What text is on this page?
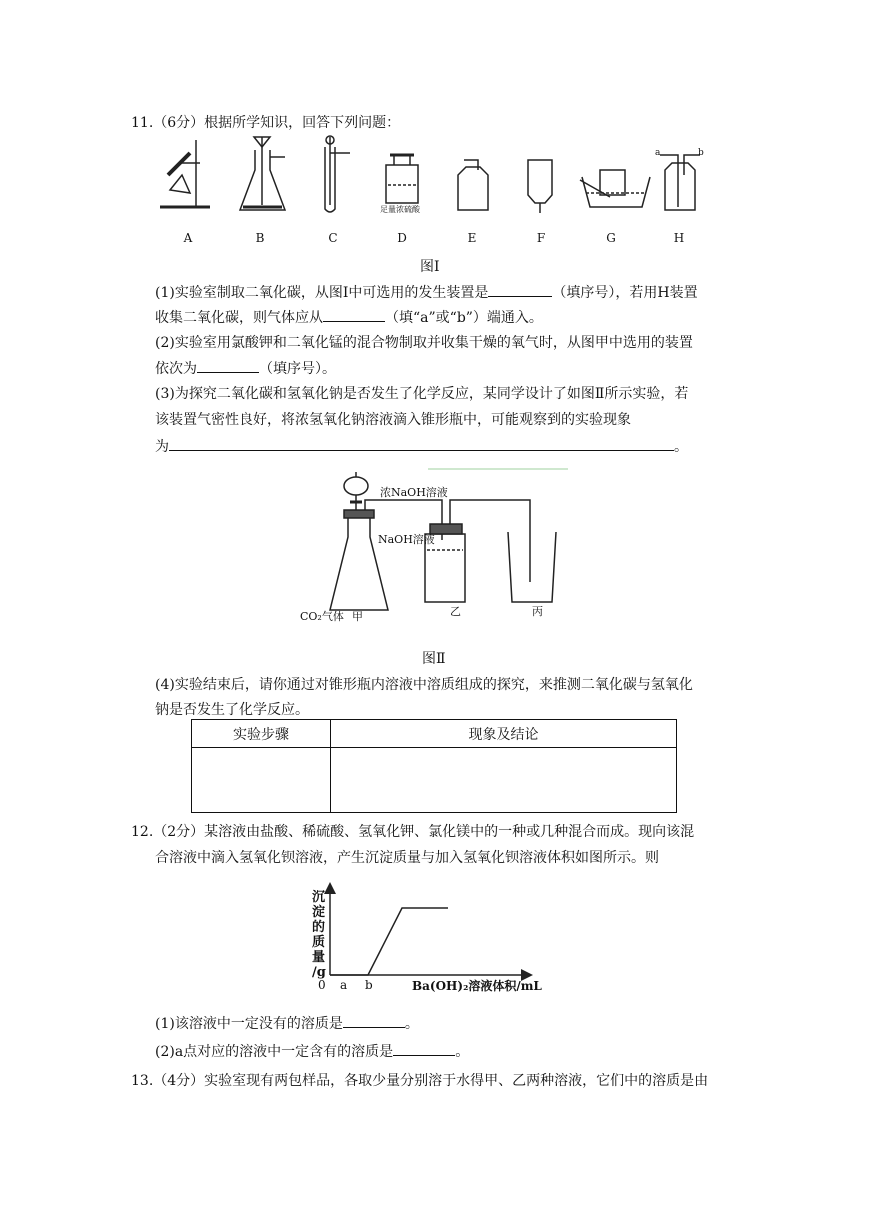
11.（6分）根据所学知识，回答下列问题：
足量浓硫酸
a	b
A	B	C	D	E	F	G	H
图Ⅰ
(1)实验室制取二氧化碳，从图Ⅰ中可选用的发生装置是	（填序号），若用H装置
收集二氧化碳，则气体应从	（填“a”或“b”）端通入。
(2)实验室用氯酸钾和二氧化锰的混合物制取并收集干燥的氧气时，从图甲中选用的装置
依次为	（填序号）。
(3)为探究二氧化碳和氢氧化钠是否发生了化学反应，某同学设计了如图Ⅱ所示实验，若
该装置气密性良好，将浓氢氧化钠溶液滴入锥形瓶中，可能观察到的实验现象
为	。
浓NaOH溶液
NaOH溶液
CO₂气体 甲	乙	丙
图Ⅱ
(4)实验结束后，请你通过对锥形瓶内溶液中溶质组成的探究，来推测二氧化碳与氢氧化
钠是否发生了化学反应。
实验步骤	现象及结论

12.（2分）某溶液由盐酸、稀硫酸、氢氧化钾、氯化镁中的一种或几种混合而成。现向该混
合溶液中滴入氢氧化钡溶液，产生沉淀质量与加入氢氧化钡溶液体积如图所示。则
沉
淀
的
质
量
/g
0 a b	Ba(OH)₂溶液体积/mL
(1)该溶液中一定没有的溶质是	。
(2)a点对应的溶液中一定含有的溶质是	。
13.（4分）实验室现有两包样品，各取少量分别溶于水得甲、乙两种溶液，它们中的溶质是由
